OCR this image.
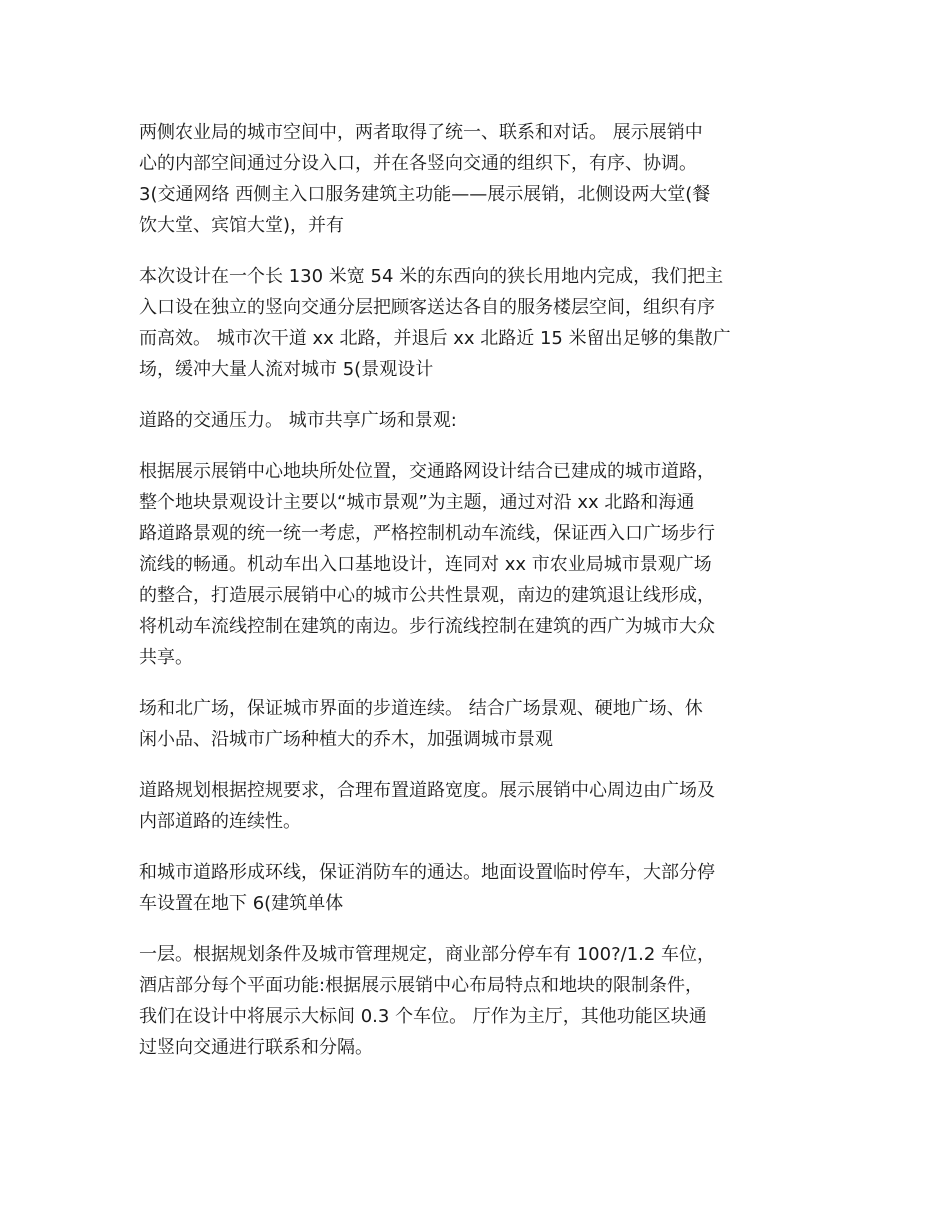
两侧农业局的城市空间中，两者取得了统一、联系和对话。 展示展销中
心的内部空间通过分设入口，并在各竖向交通的组织下，有序、协调。
3(交通网络 西侧主入口服务建筑主功能——展示展销，北侧设两大堂(餐
饮大堂、宾馆大堂)，并有

本次设计在一个长 130 米宽 54 米的东西向的狭长用地内完成，我们把主
入口设在独立的竖向交通分层把顾客送达各自的服务楼层空间，组织有序
而高效。 城市次干道 xx 北路，并退后 xx 北路近 15 米留出足够的集散广
场，缓冲大量人流对城市 5(景观设计

道路的交通压力。 城市共享广场和景观:

根据展示展销中心地块所处位置，交通路网设计结合已建成的城市道路，
整个地块景观设计主要以“城市景观”为主题，通过对沿 xx 北路和海通
路道路景观的统一统一考虑，严格控制机动车流线，保证西入口广场步行
流线的畅通。机动车出入口基地设计，连同对 xx 市农业局城市景观广场
的整合，打造展示展销中心的城市公共性景观，南边的建筑退让线形成，
将机动车流线控制在建筑的南边。步行流线控制在建筑的西广为城市大众
共享。

场和北广场，保证城市界面的步道连续。 结合广场景观、硬地广场、休
闲小品、沿城市广场种植大的乔木，加强调城市景观

道路规划根据控规要求，合理布置道路宽度。展示展销中心周边由广场及
内部道路的连续性。

和城市道路形成环线，保证消防车的通达。地面设置临时停车，大部分停
车设置在地下 6(建筑单体

一层。根据规划条件及城市管理规定，商业部分停车有 100?/1.2 车位，
酒店部分每个平面功能:根据展示展销中心布局特点和地块的限制条件，
我们在设计中将展示大标间 0.3 个车位。 厅作为主厅，其他功能区块通
过竖向交通进行联系和分隔。
